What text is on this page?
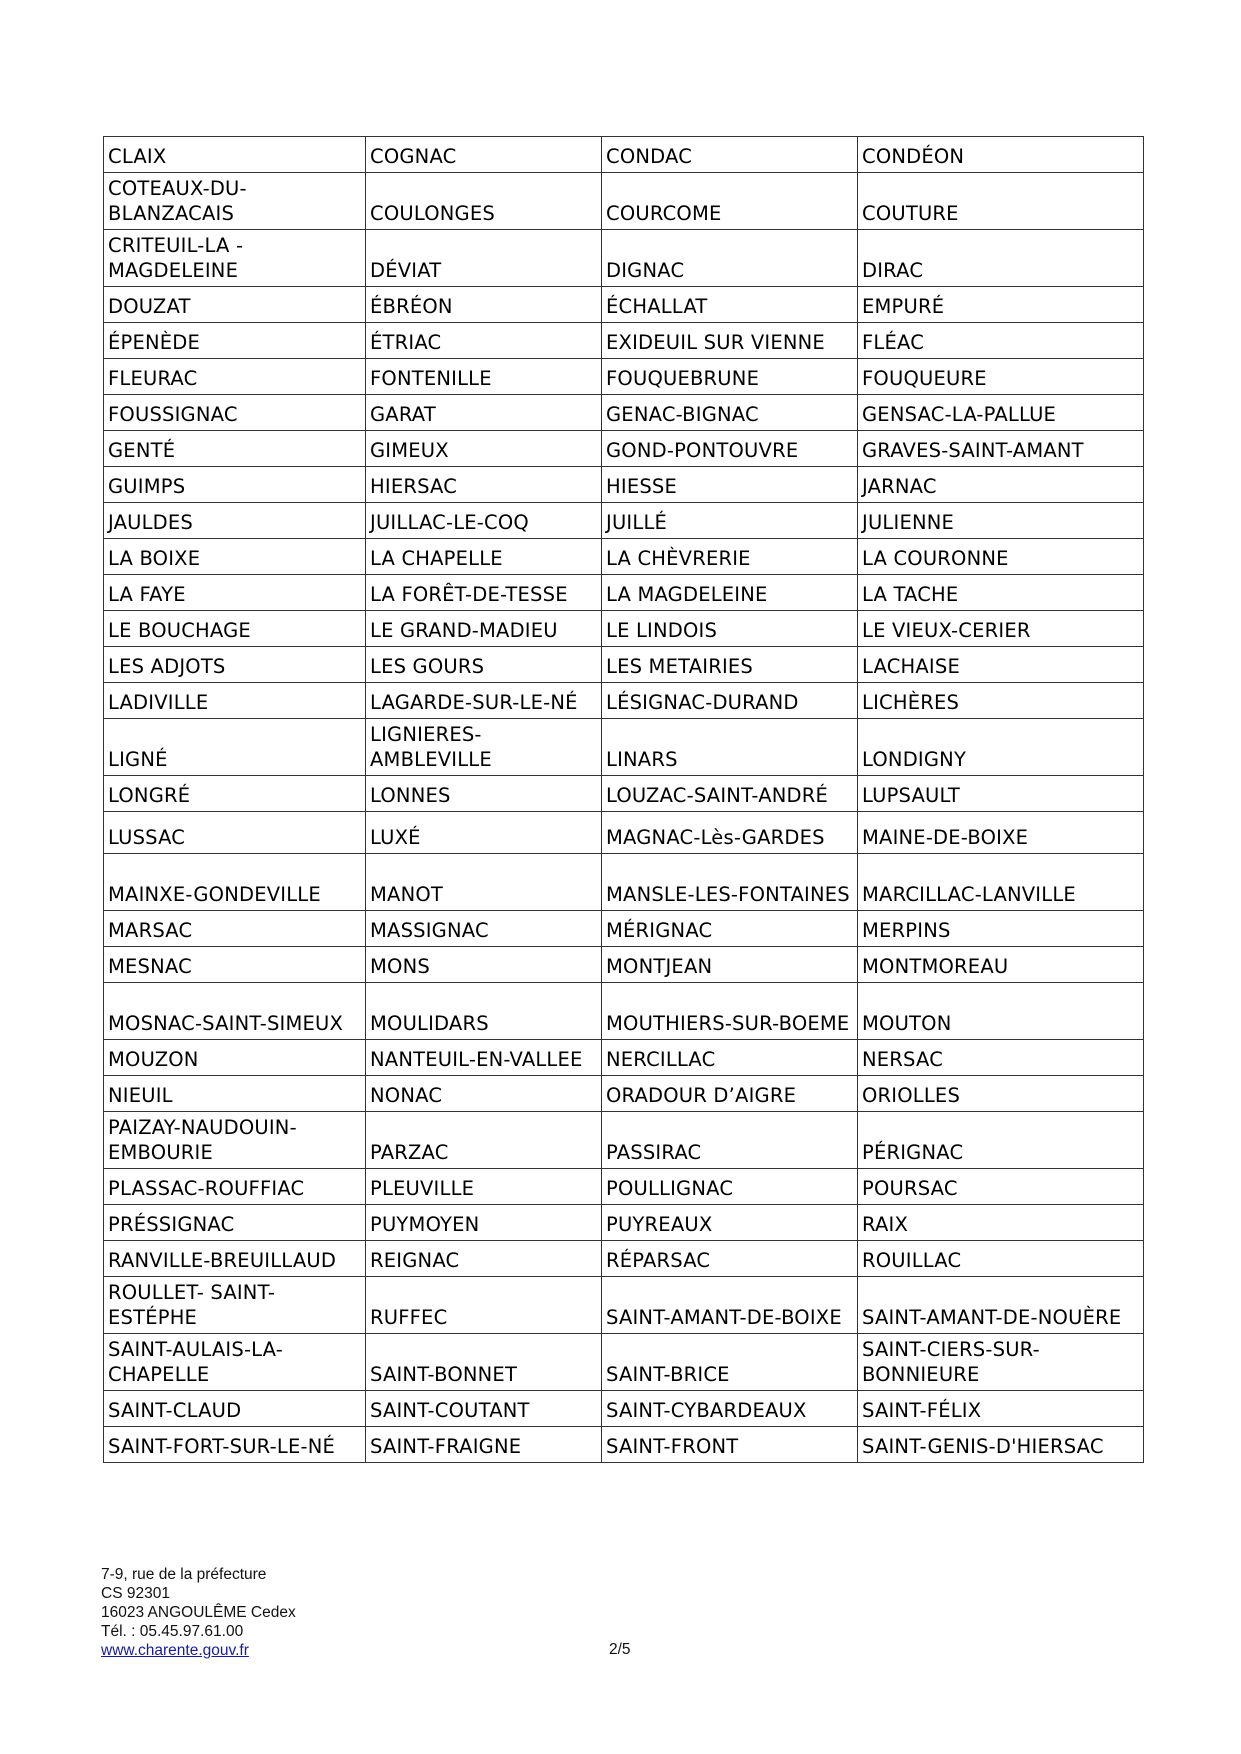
CLAIX	COGNAC	CONDAC	CONDÉON
COTEAUX-DU-BLANZACAIS	COULONGES	COURCOME	COUTURE
CRITEUIL-LA -MAGDELEINE	DÉVIAT	DIGNAC	DIRAC
DOUZAT	ÉBRÉON	ÉCHALLAT	EMPURÉ
ÉPENÈDE	ÉTRIAC	EXIDEUIL SUR VIENNE	FLÉAC
FLEURAC	FONTENILLE	FOUQUEBRUNE	FOUQUEURE
FOUSSIGNAC	GARAT	GENAC-BIGNAC	GENSAC-LA-PALLUE
GENTÉ	GIMEUX	GOND-PONTOUVRE	GRAVES-SAINT-AMANT
GUIMPS	HIERSAC	HIESSE	JARNAC
JAULDES	JUILLAC-LE-COQ	JUILLÉ	JULIENNE
LA BOIXE	LA CHAPELLE	LA CHÈVRERIE	LA COURONNE
LA FAYE	LA FORÊT-DE-TESSE	LA MAGDELEINE	LA TACHE
LE BOUCHAGE	LE GRAND-MADIEU	LE LINDOIS	LE VIEUX-CERIER
LES ADJOTS	LES GOURS	LES METAIRIES	LACHAISE
LADIVILLE	LAGARDE-SUR-LE-NÉ	LÉSIGNAC-DURAND	LICHÈRES
LIGNÉ	LIGNIERES-AMBLEVILLE	LINARS	LONDIGNY
LONGRÉ	LONNES	LOUZAC-SAINT-ANDRÉ	LUPSAULT
LUSSAC	LUXÉ	MAGNAC-Lès-GARDES	MAINE-DE-BOIXE
MAINXE-GONDEVILLE	MANOT	MANSLE-LES-FONTAINES	MARCILLAC-LANVILLE
MARSAC	MASSIGNAC	MÉRIGNAC	MERPINS
MESNAC	MONS	MONTJEAN	MONTMOREAU
MOSNAC-SAINT-SIMEUX	MOULIDARS	MOUTHIERS-SUR-BOEME	MOUTON
MOUZON	NANTEUIL-EN-VALLEE	NERCILLAC	NERSAC
NIEUIL	NONAC	ORADOUR D’AIGRE	ORIOLLES
PAIZAY-NAUDOUIN-EMBOURIE	PARZAC	PASSIRAC	PÉRIGNAC
PLASSAC-ROUFFIAC	PLEUVILLE	POULLIGNAC	POURSAC
PRÉSSIGNAC	PUYMOYEN	PUYREAUX	RAIX
RANVILLE-BREUILLAUD	REIGNAC	RÉPARSAC	ROUILLAC
ROULLET- SAINT-ESTÉPHE	RUFFEC	SAINT-AMANT-DE-BOIXE	SAINT-AMANT-DE-NOUÈRE
SAINT-AULAIS-LA-CHAPELLE	SAINT-BONNET	SAINT-BRICE	SAINT-CIERS-SUR-BONNIEURE
SAINT-CLAUD	SAINT-COUTANT	SAINT-CYBARDEAUX	SAINT-FÉLIX
SAINT-FORT-SUR-LE-NÉ	SAINT-FRAIGNE	SAINT-FRONT	SAINT-GENIS-D'HIERSAC
7-9, rue de la préfecture
CS 92301
16023 ANGOULÊME Cedex
Tél. : 05.45.97.61.00
www.charente.gouv.fr	2/5
